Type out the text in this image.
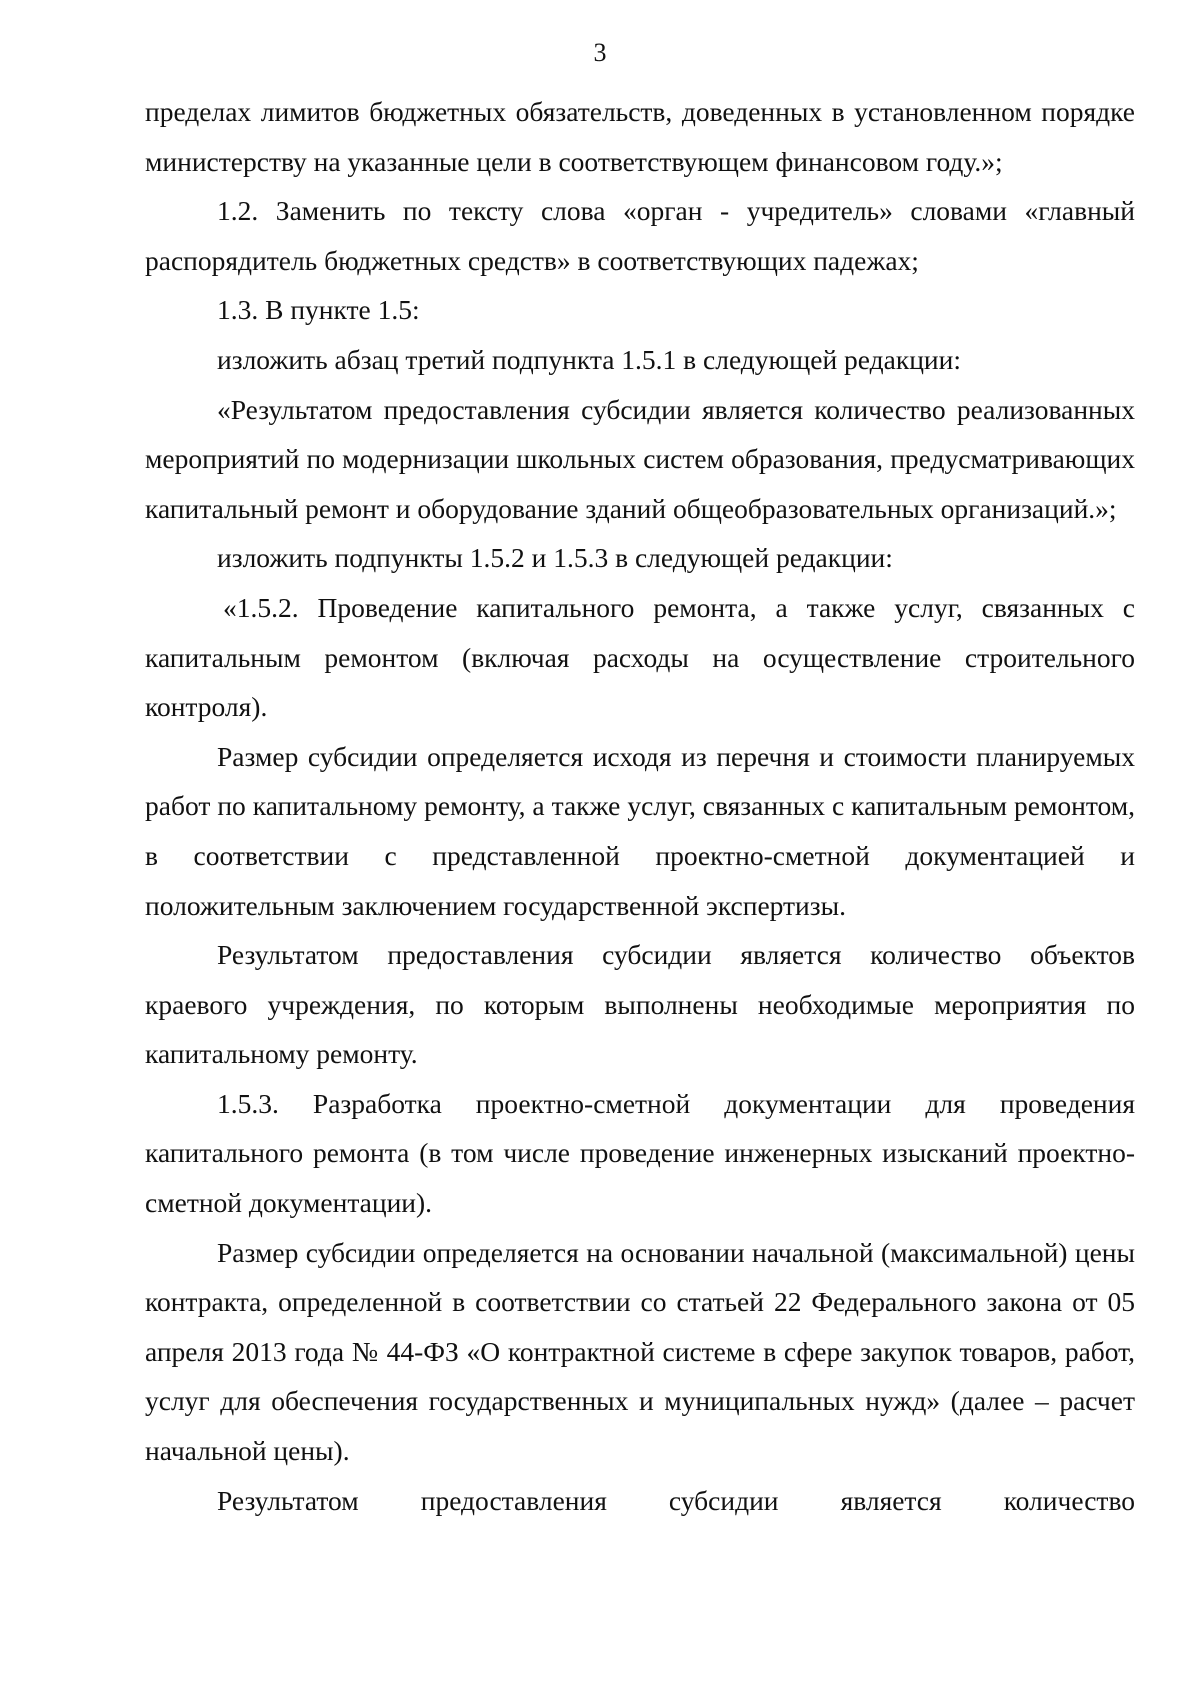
3

пределах лимитов бюджетных обязательств, доведенных в установленном порядке министерству на указанные цели в соответствующем финансовом году.»;

1.2. Заменить по тексту слова «орган - учредитель» словами «главный распорядитель бюджетных средств» в соответствующих падежах;

1.3. В пункте 1.5:

изложить абзац третий подпункта 1.5.1 в следующей редакции:

«Результатом предоставления субсидии является количество реализованных мероприятий по модернизации школьных систем образования, предусматривающих капитальный ремонт и оборудование зданий общеобразовательных организаций.»;

изложить подпункты 1.5.2 и 1.5.3 в следующей редакции:

«1.5.2. Проведение капитального ремонта, а также услуг, связанных с капитальным ремонтом (включая расходы на осуществление строительного контроля).

Размер субсидии определяется исходя из перечня и стоимости планируемых работ по капитальному ремонту, а также услуг, связанных с капитальным ремонтом, в соответствии с представленной проектно-сметной документацией и положительным заключением государственной экспертизы.

Результатом предоставления субсидии является количество объектов краевого учреждения, по которым выполнены необходимые мероприятия по капитальному ремонту.

1.5.3. Разработка проектно-сметной документации для проведения капитального ремонта (в том числе проведение инженерных изысканий проектно-сметной документации).

Размер субсидии определяется на основании начальной (максимальной) цены контракта, определенной в соответствии со статьей 22 Федерального закона от 05 апреля 2013 года № 44-ФЗ «О контрактной системе в сфере закупок товаров, работ, услуг для обеспечения государственных и муниципальных нужд» (далее – расчет начальной цены).

Результатом предоставления субсидии является количество
